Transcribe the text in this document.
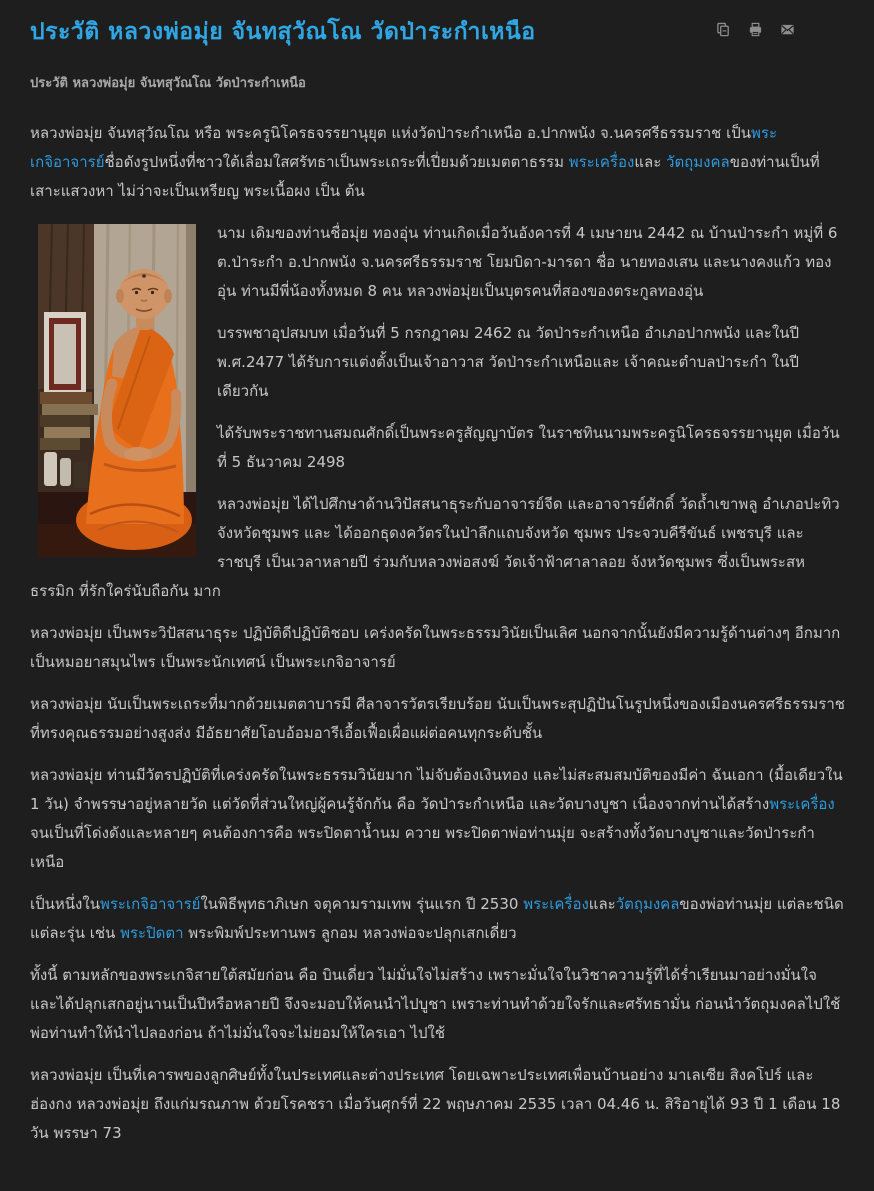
ประวัติ หลวงพ่อมุ่ย จันทสุวัณโณ วัดป่าระกำเหนือ
ประวัติ หลวงพ่อมุ่ย จันทสุวัณโณ วัดป่าระกำเหนือ

หลวงพ่อมุ่ย จันทสุวัณโณ หรือ พระครูนิโครธจรรยานุยุต แห่งวัดป่าระกำเหนือ อ.ปากพนัง จ.นครศรีธรรมราช เป็นพระเกจิอาจารย์ชื่อดังรูปหนึ่งที่ชาวใต้เลื่อมใสศรัทธาเป็นพระเถระที่เปี่ยมด้วยเมตตาธรรม พระเครื่องและ วัตถุมงคลของท่านเป็นที่เสาะแสวงหา ไม่ว่าจะเป็นเหรียญ พระเนื้อผง เป็น ต้น

นาม เดิมของท่านชื่อมุ่ย ทองอุ่น ท่านเกิดเมื่อวันอังคารที่ 4 เมษายน 2442 ณ บ้านป่าระกำ หมู่ที่ 6 ต.ป่าระกำ อ.ปากพนัง จ.นครศรีธรรมราช โยมบิดา-มารดา ชื่อ นายทองเสน และนางคงแก้ว ทองอุ่น ท่านมีพี่น้องทั้งหมด 8 คน หลวงพ่อมุ่ยเป็นบุตรคนที่สองของตระกูลทองอุ่น

บรรพชาอุปสมบท เมื่อวันที่ 5 กรกฎาคม 2462 ณ วัดป่าระกำเหนือ อำเภอปากพนัง และในปี พ.ศ.2477 ได้รับการแต่งตั้งเป็นเจ้าอาวาส วัดป่าระกำเหนือและ เจ้าคณะตำบลป่าระกำ ในปีเดียวกัน

ได้รับพระราชทานสมณศักดิ์เป็นพระครูสัญญาบัตร ในราชทินนามพระครูนิโครธจรรยานุยุต เมื่อวันที่ 5 ธันวาคม 2498

หลวงพ่อมุ่ย ได้ไปศึกษาด้านวิปัสสนาธุระกับอาจารย์จีด และอาจารย์ศักดิ์ วัดถ้ำเขาพลู อำเภอปะทิว จังหวัดชุมพร และ ได้ออกธุดงควัตรในป่าลึกแถบจังหวัด ชุมพร ประจวบคีรีขันธ์ เพชรบุรี และราชบุรี เป็นเวลาหลายปี ร่วมกับหลวงพ่อสงฆ์ วัดเจ้าฟ้าศาลาลอย จังหวัดชุมพร ซึ่งเป็นพระสหธรรมิก ที่รักใคร่นับถือกัน มาก

หลวงพ่อมุ่ย เป็นพระวิปัสสนาธุระ ปฏิบัติดีปฏิบัติชอบ เคร่งครัดในพระธรรมวินัยเป็นเลิศ นอกจากนั้นยังมีความรู้ด้านต่างๆ อีกมาก เป็นหมอยาสมุนไพร เป็นพระนักเทศน์ เป็นพระเกจิอาจารย์

หลวงพ่อมุ่ย นับเป็นพระเถระที่มากด้วยเมตตาบารมี ศีลาจารวัตรเรียบร้อย นับเป็นพระสุปฏิปันโนรูปหนึ่งของเมืองนครศรีธรรมราช ที่ทรงคุณธรรมอย่างสูงส่ง มีอัธยาศัยโอบอ้อมอารีเอื้อเฟื้อเผื่อแผ่ต่อคนทุกระดับชั้น

หลวงพ่อมุ่ย ท่านมีวัตรปฏิบัติที่เคร่งครัดในพระธรรมวินัยมาก ไม่จับต้องเงินทอง และไม่สะสมสมบัติของมีค่า ฉันเอกา (มื้อเดียวใน 1 วัน) จำพรรษาอยู่หลายวัด แต่วัดที่ส่วนใหญ่ผู้คนรู้จักกัน คือ วัดป่าระกำเหนือ และวัดบางบูชา เนื่องจากท่านได้สร้างพระเครื่องจนเป็นที่โด่งดังและหลายๆ คนต้องการคือ พระปิดตาน้ำนม ควาย พระปิดตาพ่อท่านมุ่ย จะสร้างทั้งวัดบางบูชาและวัดป่าระกำ เหนือ

เป็นหนึ่งในพระเกจิอาจารย์ในพิธีพุทธาภิเษก จตุคามรามเทพ รุ่นแรก ปี 2530 พระเครื่องและวัตถุมงคลของพ่อท่านมุ่ย แต่ละชนิดแต่ละรุ่น เช่น พระปิดตา พระพิมพ์ประทานพร ลูกอม หลวงพ่อจะปลุกเสกเดี่ยว

ทั้งนี้ ตามหลักของพระเกจิสายใต้สมัยก่อน คือ บินเดี่ยว ไม่มั่นใจไม่สร้าง เพราะมั่นใจในวิชาความรู้ที่ได้ร่ำเรียนมาอย่างมั่นใจ และได้ปลุกเสกอยู่นานเป็นปีหรือหลายปี จึงจะมอบให้คนนำไปบูชา เพราะท่านทำด้วยใจรักและศรัทธามั่น ก่อนนำวัตถุมงคลไปใช้ พ่อท่านทำให้นำไปลองก่อน ถ้าไม่มั่นใจจะไม่ยอมให้ใครเอา ไปใช้

หลวงพ่อมุ่ย เป็นที่เคารพของลูกศิษย์ทั้งในประเทศและต่างประเทศ โดยเฉพาะประเทศเพื่อนบ้านอย่าง มาเลเซีย สิงคโปร์ และฮ่องกง หลวงพ่อมุ่ย ถึงแก่มรณภาพ ด้วยโรคชรา เมื่อวันศุกร์ที่ 22 พฤษภาคม 2535 เวลา 04.46 น. สิริอายุได้ 93 ปี 1 เดือน 18 วัน พรรษา 73
